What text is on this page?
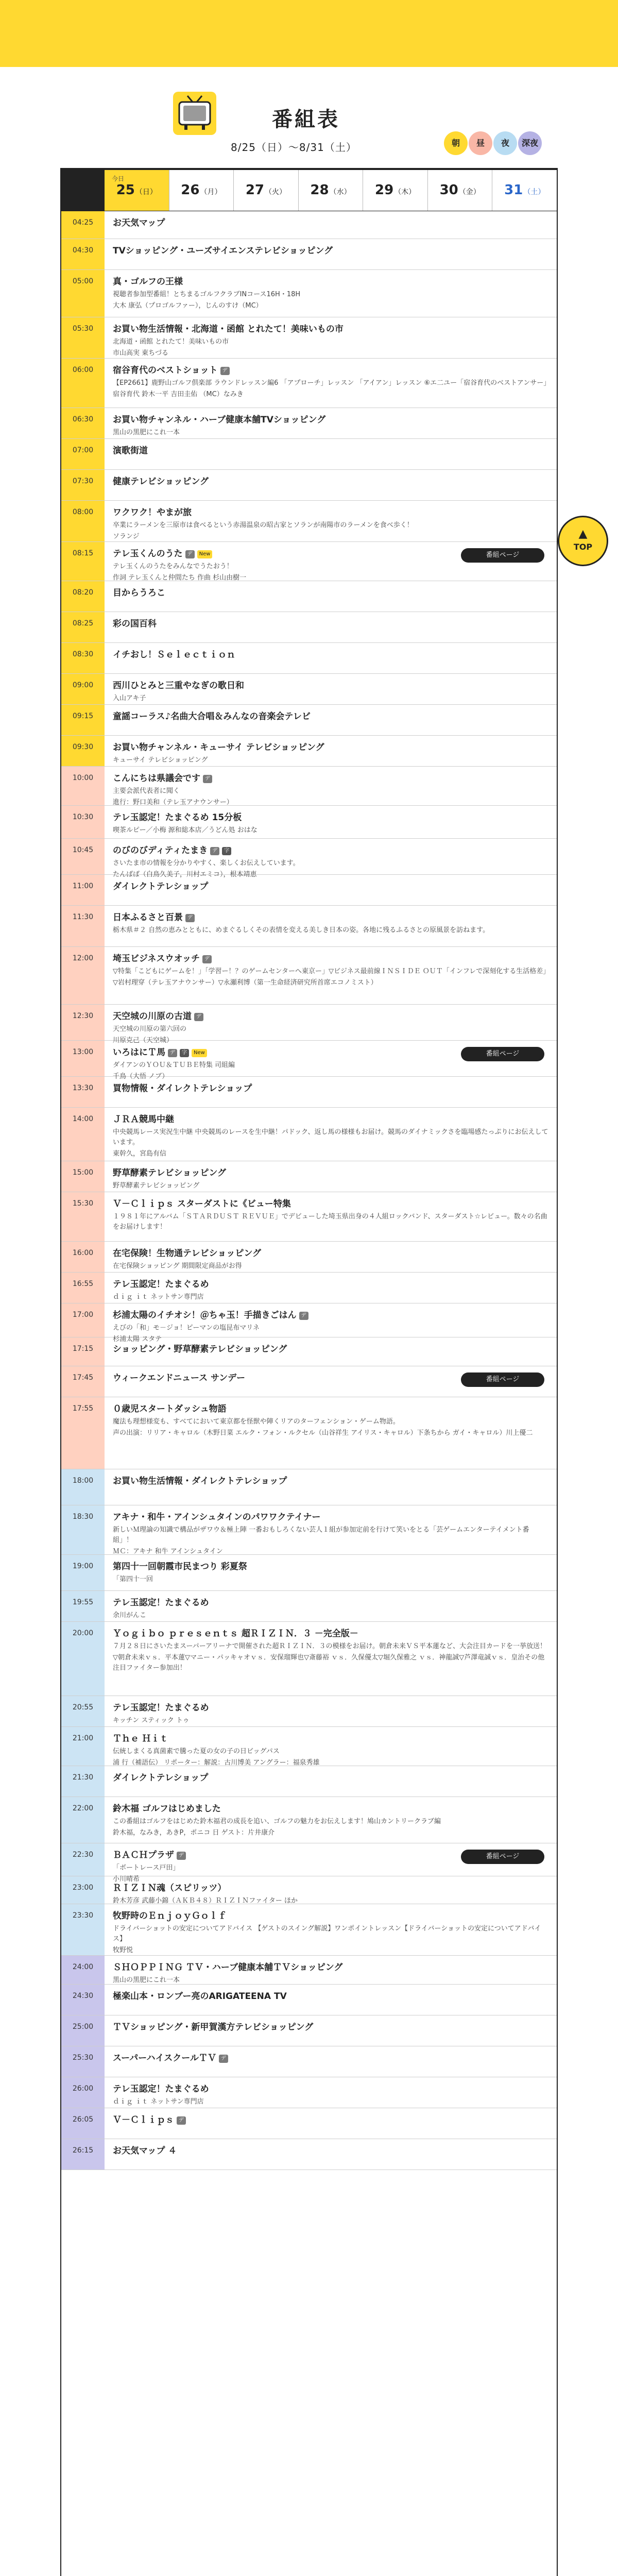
番組表
8/25（日）〜8/31（土）	朝	昼	夜	深夜
今日
25（日）	26（月）	27（火）	28（水）	29（木）	30（金）	31（土）
04:25	お天気マップ
04:30	TVショッピング・ユーズサイエンステレビショッピング
05:00	真・ゴルフの王様
視聴者参加型番組！とちまるゴルフクラブINコース16H・18H
大木 康弘（プロゴルファー），じんのすけ（MC）
05:30	お買い物生活情報・北海道・函館 とれたて！美味いもの市
北海道・函館 とれたて！美味いもの市
市山高実 東ちづる
06:00	宿谷育代のベストショット デ
【EP2661】鹿野山ゴルフ倶楽部 ラウンドレッスン編6 「アプローチ」レッスン 「アイアン」レッスン ⑥エ二ユー「宿谷育代のベストアンサー」
宿谷育代 鈴木一平 吉田圭佑 （MC）なみき
06:30	お買い物チャンネル・ハーブ健康本舗TVショッピング
黒山の黒肥にこれ一本
07:00	演歌街道
07:30	健康テレビショッピング
08:00	ワクワク！やまが旅
卒業にラーメンを三原市は食べるという赤湯温泉の昭古家とソランが南陽市のラーメンを食べ歩く！
ソランジ
08:15	テレ玉くんのうた デ New
テレ玉くんのうたをみんなでうたおう！
作詞 テレ玉くんと仲間たち 作曲 杉山由樹一
番組ページ
08:20	目からうろこ
08:25	彩の国百科
08:30	イチおし！Ｓｅｌｅｃｔｉｏｎ
09:00	西川ひとみと三重やなぎの歌日和
入山アキ子
09:15	童謡コーラス♪名曲大合唱＆みんなの音楽会テレビ
09:30	お買い物チャンネル・キューサイ テレビショッピング
キューサイ テレビショッピング
10:00	こんにちは県議会です デ
主要会派代表者に聞く
進行：野口美和（テレ玉アナウンサー）
10:30	テレ玉認定！たまぐるめ 15分板
喫茶ルピー／小梅 源和総本店／うどん処 おはな
10:45	のびのびディティたまき デ 字
さいたま市の情報を分かりやすく、楽しくお伝えしています。
たんばば（白鳥久美子，川村エミコ），根本靖恵
11:00	ダイレクトテレショップ
11:30	日本ふるさと百景 デ
栃木県＃２ 自然の恵みとともに、めまぐるしくその表情を変える美しき日本の姿。各地に残るふるさとの原風景を訪ねます。
12:00	埼玉ビジネスウオッチ デ
▽特集「こどもにゲームを！」「学習ー！？のゲームセンターへ東京ー」▽ビジネス最前線ＩＮＳＩＤＥ ＯＵＴ「インフレで深刻化する生活格差」
▽岩村理穿（テレ玉アナウンサー）▽永瀬利博（第一生命経済研究所首席エコノミスト）
12:30	天空城の川原の古道 デ
天空城の川原の第六回の
川原克己（天空城）
13:00	いろはにＴ馬 デ 字 New
ダイアンのＹＯＵ＆ＴＵＢＥ特集 司組編
千鳥（大悟 ノブ）
番組ページ
13:30	買物情報・ダイレクトテレショップ
14:00	ＪＲＡ競馬中継
中央競馬レース実況生中継 中央競馬のレースを生中継！パドック、返し馬の様様もお届け。競馬のダイナミックさを臨場感たっぷりにお伝えしています。
東幹久，宮島有信
15:00	野草酵素テレビショッピング
野草酵素テレビショッピング
15:30	Ｖ－Ｃｌｉｐｓ スターダストに《ビュー特集
１９８１年にアルバム「ＳＴＡＲＤＵＳＴ ＲＥＶＵＥ」でデビューした埼玉県出身の４人組ロックバンド、スターダスト☆レビュー。数々の名曲をお届けします！
16:00	在宅保険！生物通テレビショッピング
在宅保険ショッピング 期間限定商品がお得
16:55	テレ玉認定！たまぐるめ
ｄｉｇ ｉｔ ネットサン専門店
17:00	杉浦太陽のイチオシ！＠ちゃ玉！手描きごはん デ
えびの「和」モ－ジョ！ピーマンの塩昆布マリネ
杉浦太陽 スタテ
17:15	ショッピング・野草酵素テレビショッピング
17:45	ウィークエンドニュース サンデー	番組ページ
17:55	０歳児スタートダッシュ物語
魔法も理想様変も、すべてにおいて東京都を怪獣や陣くリアのターフェンション・ゲーム物語。
声の出演：リリア・キャロル（木野日菜 エルク・フォン・ルクセル（山谷祥生 アイリス・キャロル）下条ちから ガイ・キャロル）川上優二
18:00	お買い物生活情報・ダイレクトテレショップ
18:30	アキナ・和牛・アインシュタインのパワワクテイナー
新しいＭ理論の知識で構品がザワウ＆極上陣 一番おもしろくない芸人１組が参加定前を行けて笑いをとる「芸ゲームエンターテイメント番組」！
ＭＣ：アキナ 和牛 アインシュタイン
19:00	第四十一回朝霞市民まつり 彩夏祭
「第四十一回
19:55	テレ玉認定！たまぐるめ
余川がんこ
20:00	Ｙｏｇｉｂｏ ｐｒｅｓｅｎｔｓ 超ＲＩＺＩＮ．３ －完全版－
７月２８日にさいたまスーパーアリーナで開催された超ＲＩＺＩＮ．３の模様をお届け。朝倉未来ＶＳ平本蓮など、大会注目カードを一挙放送！
▽朝倉未来ｖｓ．平本蓮▽マニー・パッキャオｖｓ．安保瑠輝也▽斎藤裕 ｖｓ．久保優太▽堀久保雅之 ｖｓ．神龍誠▽芦澤竜誠ｖｓ．皇治その他注目ファイター参加出！
20:55	テレ玉認定！たまぐるめ
キッチン スティック トゥ
21:00	Ｔｈｅ Ｈｉｔ
伝統しまくる真菌素で騰った夏の女の子の日ビッグパス
浦 行（補語伝） リポーター：解説：古川博美 アングラー：福泉秀雄
21:30	ダイレクトテレショップ
22:00	鈴木福 ゴルフはじめました
この番組はゴルフをはじめた鈴木福君の成長を追い、ゴルフの魅力をお伝えします！鳩山カントリークラブ編
鈴木福，なみき，あきP，ポニコ 日 ゲスト：片井康介
22:30	ＢＡＣＨプラザ デ
「ボートレース戸田」
小川晴希
番組ページ
23:00	ＲＩＺＩＮ魂（スピリッツ）
鈴木芳彦 武藤小錦（ＡＫＢ４８）ＲＩＺＩＮファイター ほか
23:30	牧野時のＥｎｊｏｙＧｏｌｆ
ドライバーショットの安定についてアドバイス 【ゲストのスイング解説】ワンポイントレッスン【ドライバーショットの安定についてアドバイス】
牧野悦
24:00	ＳＨＯＰＰＩＮＧ ＴＶ・ハーブ健康本舗ＴＶショッピング
黒山の黒肥にこれ一本
24:30	極楽山本・ロンブー亮のARIGATEENA TV
25:00	ＴＶショッピング・新甲賀漢方テレビショッピング
25:30	スーパーハイスクールＴＶ デ
26:00	テレ玉認定！たまぐるめ
ｄｉｇ ｉｔ ネットサン専門店
26:05	Ｖ－Ｃｌｉｐｓ デ
26:15	お天気マップ ４
▲
TOP
